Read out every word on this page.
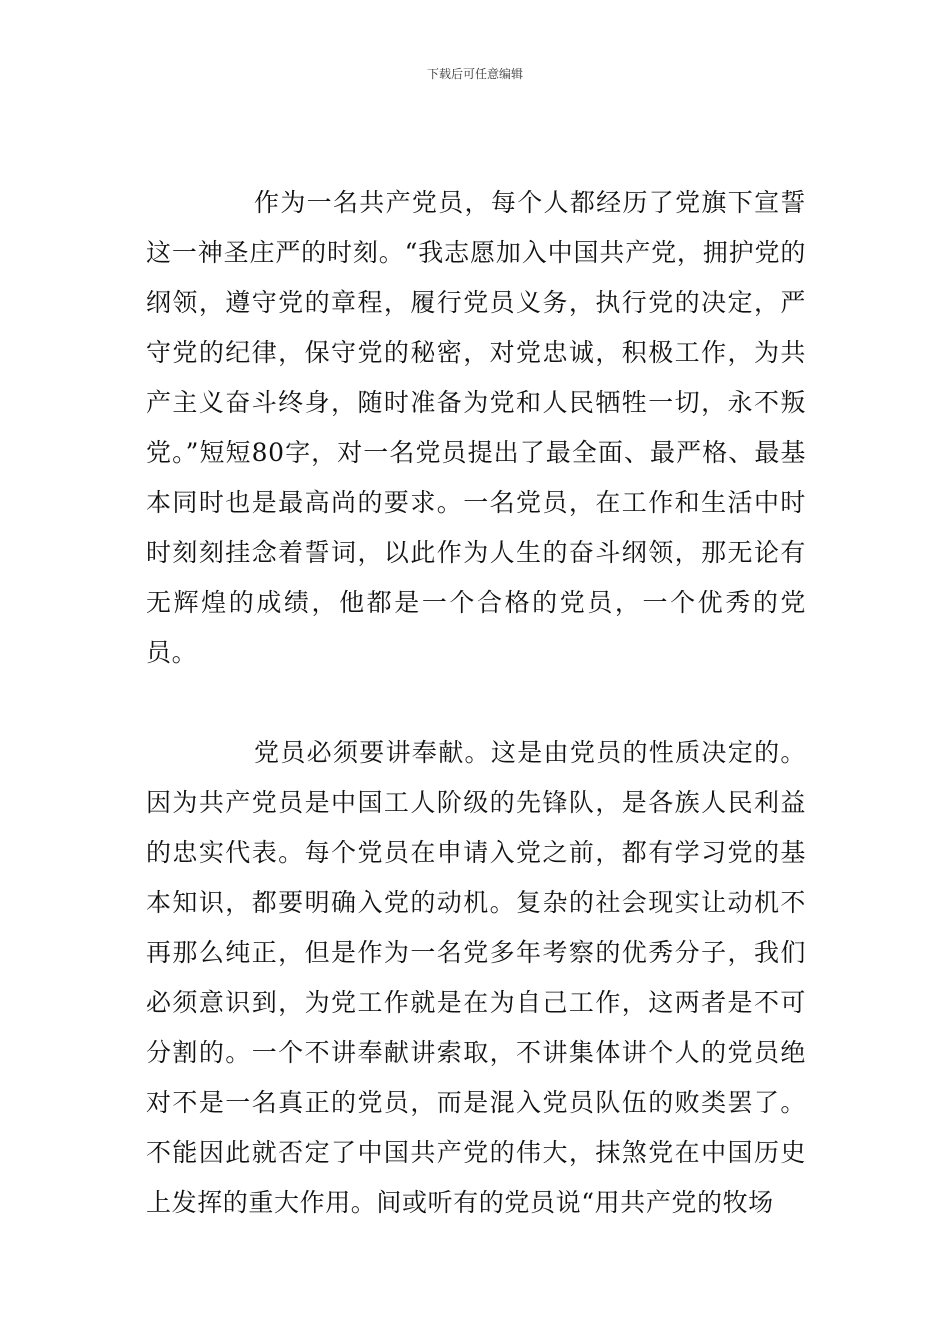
下载后可任意编辑

作为一名共产党员，每个人都经历了党旗下宣誓这一神圣庄严的时刻。“我志愿加入中国共产党，拥护党的纲领，遵守党的章程，履行党员义务，执行党的决定，严守党的纪律，保守党的秘密，对党忠诚，积极工作，为共产主义奋斗终身，随时准备为党和人民牺牲一切，永不叛党。”短短80字，对一名党员提出了最全面、最严格、最基本同时也是最高尚的要求。一名党员，在工作和生活中时时刻刻挂念着誓词，以此作为人生的奋斗纲领，那无论有无辉煌的成绩，他都是一个合格的党员，一个优秀的党员。

党员必须要讲奉献。这是由党员的性质决定的。因为共产党员是中国工人阶级的先锋队，是各族人民利益的忠实代表。每个党员在申请入党之前，都有学习党的基本知识，都要明确入党的动机。复杂的社会现实让动机不再那么纯正，但是作为一名党多年考察的优秀分子，我们必须意识到，为党工作就是在为自己工作，这两者是不可分割的。一个不讲奉献讲索取，不讲集体讲个人的党员绝对不是一名真正的党员，而是混入党员队伍的败类罢了。不能因此就否定了中国共产党的伟大，抹煞党在中国历史上发挥的重大作用。间或听有的党员说“用共产党的牧场
